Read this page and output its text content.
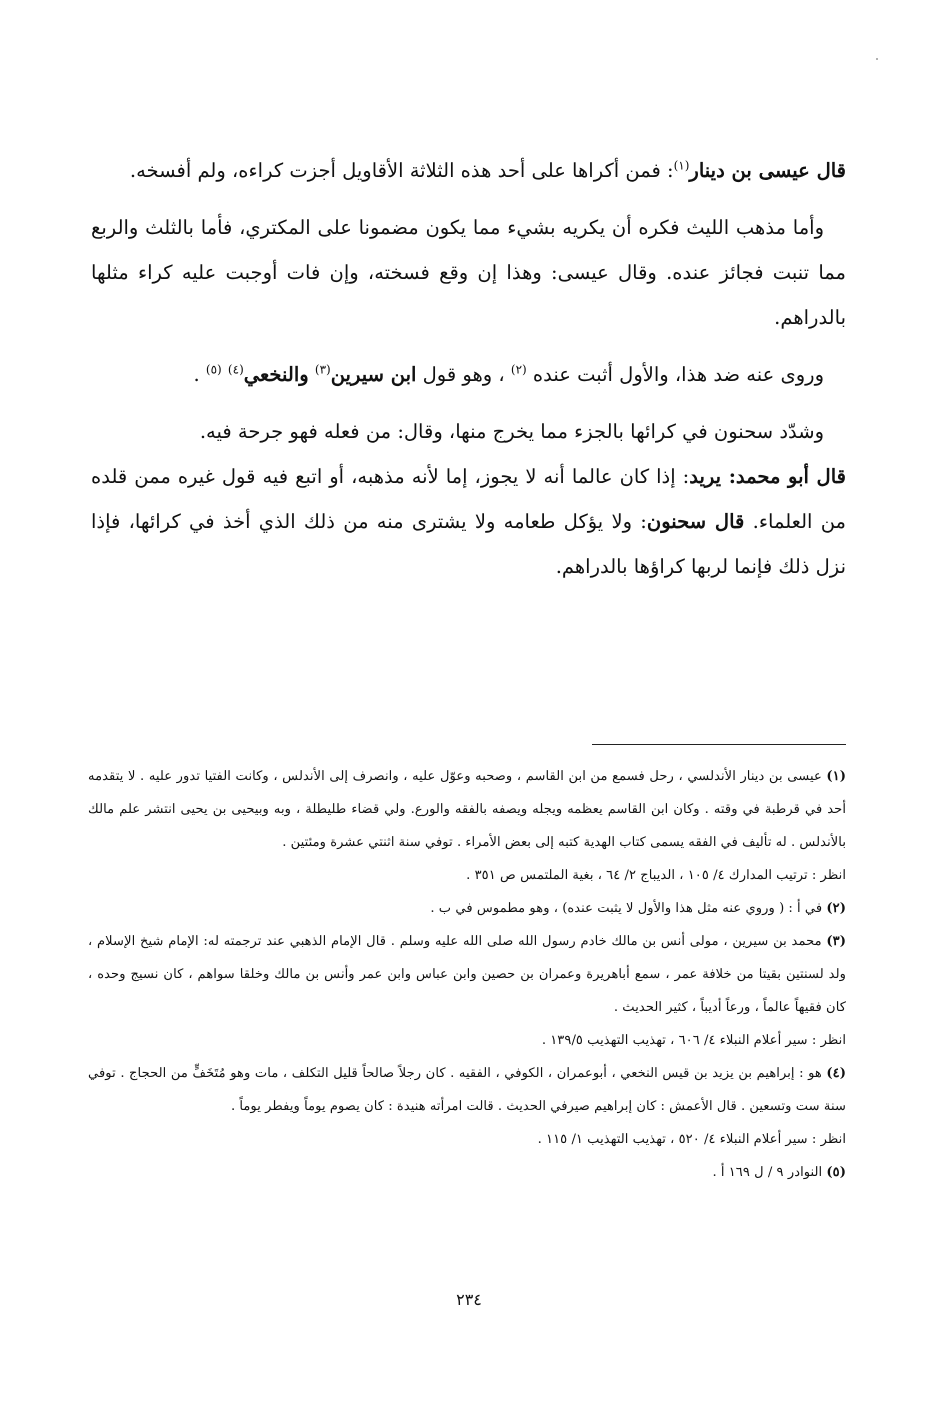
قال عيسى بن دينار$^{(١)}$: فمن أكراها على أحد هذه الثلاثة الأقاويل أجزت كراءه، ولم أفسخه.

وأما مذهب الليث فكره أن يكريه بشيء مما يكون مضمونا على المكتري، فأما بالثلث والربع مما تنبت فجائز عنده. وقال عيسى: وهذا إن وقع فسخته، وإن فات أوجبت عليه كراء مثلها بالدراهم.

وروى عنه ضد هذا، والأول أثبت عنده $^{(٢)}$ ، وهو قول ابن سيرين$^{(٣)}$ والنخعي$^{(٤)}$ $^{(٥)}$ .

وشدّد سحنون في كرائها بالجزء مما يخرج منها، وقال: من فعله فهو جرحة فيه.

قال أبو محمد: يريد: إذا كان عالما أنه لا يجوز، إما لأنه مذهبه، أو اتبع فيه قول غيره ممن قلده من العلماء. قال سحنون: ولا يؤكل طعامه ولا يشترى منه من ذلك الذي أخذ في كرائها، فإذا نزل ذلك فإنما لربها كراؤها بالدراهم.

(١) عيسى بن دينار الأندلسي ، رحل فسمع من ابن القاسم ، وصحبه وعوّل عليه ، وانصرف إلى الأندلس ، وكانت الفتيا تدور عليه . لا يتقدمه أحد في قرطبة في وقته . وكان ابن القاسم يعظمه ويجله ويصفه بالفقه والورع. ولي قضاء طليطلة ، وبه وبيحيى بن يحيى انتشر علم مالك بالأندلس . له تأليف في الفقه يسمى كتاب الهدية كتبه إلى بعض الأمراء . توفي سنة اثنتي عشرة ومئتين .

انظر : ترتيب المدارك ٤/ ١٠٥ ، الديباج ٢/ ٦٤ ، بغية الملتمس ص ٣٥١ .

(٢) في أ : ( وروي عنه مثل هذا والأول لا يثبت عنده) ، وهو مطموس في ب .

(٣) محمد بن سيرين ، مولى أنس بن مالك خادم رسول الله صلى الله عليه وسلم . قال الإمام الذهبي عند ترجمته له: الإمام شيخ الإسلام ، ولد لسنتين بقيتا من خلافة عمر ، سمع أباهريرة وعمران بن حصين وابن عباس وابن عمر وأنس بن مالك وخلقا سواهم ، كان نسيج وحده ، كان فقيهاً عالماً ، ورعاً أديباً ، كثير الحديث .

انظر : سير أعلام النبلاء ٤/ ٦٠٦ ، تهذيب التهذيب ١٣٩/٥ .

(٤) هو : إبراهيم بن يزيد بن قيس النخعي ، أبوعمران ، الكوفي ، الفقيه . كان رجلاً صالحاً قليل التكلف ، مات وهو مُتَخَفٍّ من الحجاج . توفي سنة ست وتسعين . قال الأعمش : كان إبراهيم صيرفي الحديث . قالت امرأته هنيدة : كان يصوم يوماً ويفطر يوماً .

انظر : سير أعلام النبلاء ٤/ ٥٢٠ ، تهذيب التهذيب ١/ ١١٥ .

(٥) النوادر ٩ / ل ١٦٩ أ .

٢٣٤
